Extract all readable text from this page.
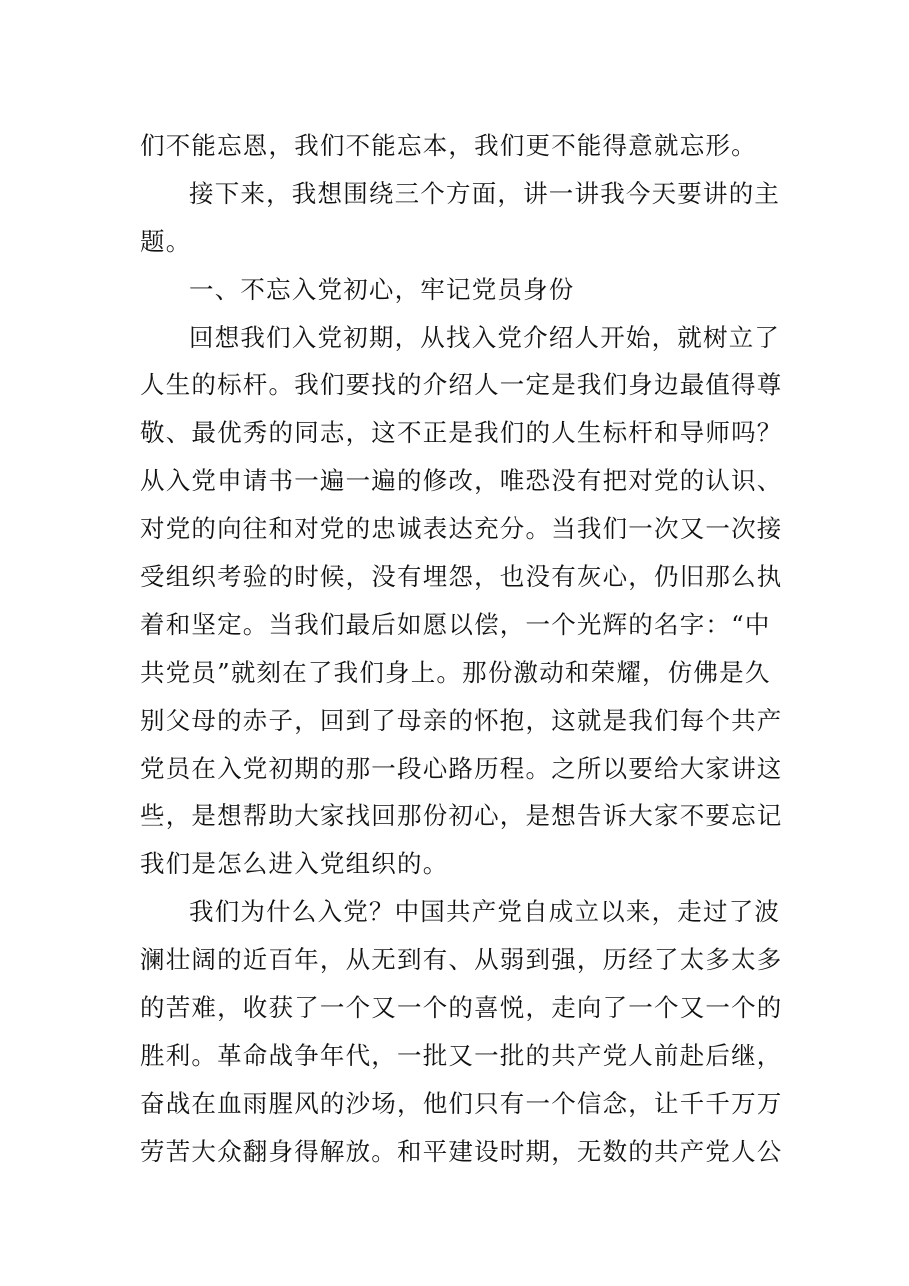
们不能忘恩，我们不能忘本，我们更不能得意就忘形。
接下来，我想围绕三个方面，讲一讲我今天要讲的主
题。
一、不忘入党初心，牢记党员身份
回想我们入党初期，从找入党介绍人开始，就树立了
人生的标杆。我们要找的介绍人一定是我们身边最值得尊
敬、最优秀的同志，这不正是我们的人生标杆和导师吗？
从入党申请书一遍一遍的修改，唯恐没有把对党的认识、
对党的向往和对党的忠诚表达充分。当我们一次又一次接
受组织考验的时候，没有埋怨，也没有灰心，仍旧那么执
着和坚定。当我们最后如愿以偿，一个光辉的名字：“中
共党员”就刻在了我们身上。那份激动和荣耀，仿佛是久
别父母的赤子，回到了母亲的怀抱，这就是我们每个共产
党员在入党初期的那一段心路历程。之所以要给大家讲这
些，是想帮助大家找回那份初心，是想告诉大家不要忘记
我们是怎么进入党组织的。
我们为什么入党？中国共产党自成立以来，走过了波
澜壮阔的近百年，从无到有、从弱到强，历经了太多太多
的苦难，收获了一个又一个的喜悦，走向了一个又一个的
胜利。革命战争年代，一批又一批的共产党人前赴后继，
奋战在血雨腥风的沙场，他们只有一个信念，让千千万万
劳苦大众翻身得解放。和平建设时期，无数的共产党人公
